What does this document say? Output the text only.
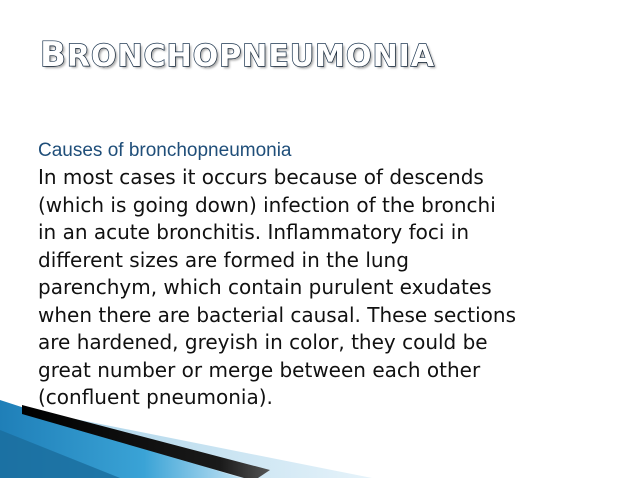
BRONCHOPNEUMONIA

Causes of bronchopneumonia

In most cases it occurs because of descends
(which is going down) infection of the bronchi
in an acute bronchitis. Inflammatory foci in
different sizes are formed in the lung
parenchym, which contain purulent exudates
when there are bacterial causal. These sections
are hardened, greyish in color, they could be
great number or merge between each other
(confluent pneumonia).
